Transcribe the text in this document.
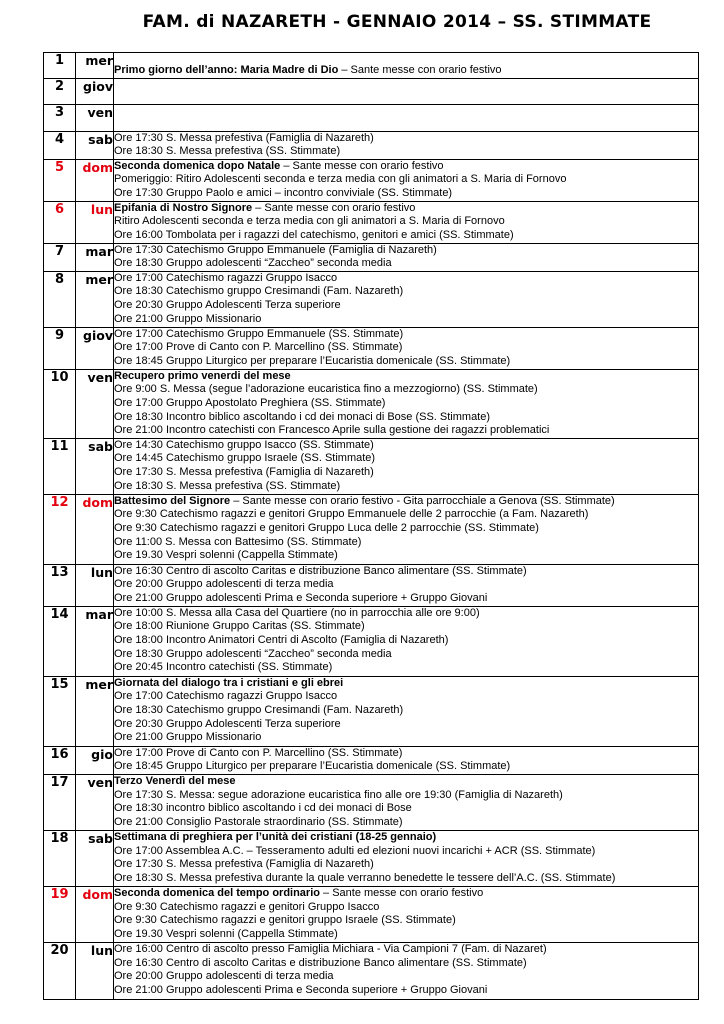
FAM. di NAZARETH - GENNAIO 2014 – SS. STIMMATE
1	mer	Primo giorno dell’anno: Maria Madre di Dio – Sante messe con orario festivo

2	giov	
3	ven	
4	sab	Ore 17:30 S. Messa prefestiva (Famiglia di Nazareth)
Ore 18:30 S. Messa prefestiva (SS. Stimmate)

5	dom	Seconda domenica dopo Natale – Sante messe con orario festivo
Pomeriggio: Ritiro Adolescenti seconda e terza media con gli animatori a S. Maria di Fornovo
Ore 17:30 Gruppo Paolo e amici – incontro conviviale (SS. Stimmate)

6	lun	Epifania di Nostro Signore – Sante messe con orario festivo
Ritiro Adolescenti seconda e terza media con gli animatori a S. Maria di Fornovo
Ore 16:00 Tombolata per i ragazzi del catechismo, genitori e amici (SS. Stimmate)

7	mar	Ore 17:30 Catechismo Gruppo Emmanuele (Famiglia di Nazareth)
Ore 18:30 Gruppo adolescenti “Zaccheo” seconda media

8	mer	Ore 17:00 Catechismo ragazzi Gruppo Isacco
Ore 18:30 Catechismo gruppo Cresimandi (Fam. Nazareth)
Ore 20:30 Gruppo Adolescenti Terza superiore
Ore 21:00 Gruppo Missionario

9	giov	Ore 17:00 Catechismo Gruppo Emmanuele (SS. Stimmate)
Ore 17:00 Prove di Canto con P. Marcellino (SS. Stimmate)
Ore 18:45 Gruppo Liturgico per preparare l’Eucaristia domenicale (SS. Stimmate)

10	ven	Recupero primo venerdi del mese
Ore 9:00 S. Messa (segue l’adorazione eucaristica fino a mezzogiorno) (SS. Stimmate)
Ore 17:00 Gruppo Apostolato Preghiera (SS. Stimmate)
Ore 18:30 Incontro biblico ascoltando i cd dei monaci di Bose (SS. Stimmate)
Ore 21:00 Incontro catechisti con Francesco Aprile sulla gestione dei ragazzi problematici

11	sab	Ore 14:30 Catechismo gruppo Isacco (SS. Stimmate)
Ore 14:45 Catechismo gruppo Israele (SS. Stimmate)
Ore 17:30 S. Messa prefestiva (Famiglia di Nazareth)
Ore 18:30 S. Messa prefestiva (SS. Stimmate)

12	dom	Battesimo del Signore – Sante messe con orario festivo - Gita parrocchiale a Genova (SS. Stimmate)
Ore 9:30 Catechismo ragazzi e genitori Gruppo Emmanuele delle 2 parrocchie (a Fam. Nazareth)
Ore 9:30 Catechismo ragazzi e genitori Gruppo Luca delle 2 parrocchie (SS. Stimmate)
Ore 11:00 S. Messa con Battesimo (SS. Stimmate)
Ore 19.30 Vespri solenni (Cappella Stimmate)

13	lun	Ore 16:30 Centro di ascolto Caritas e distribuzione Banco alimentare (SS. Stimmate)
Ore 20:00 Gruppo adolescenti di terza media
Ore 21:00 Gruppo adolescenti Prima e Seconda superiore + Gruppo Giovani

14	mar	Ore 10:00 S. Messa alla Casa del Quartiere (no in parrocchia alle ore 9:00)
Ore 18:00 Riunione Gruppo Caritas (SS. Stimmate)
Ore 18:00 Incontro Animatori Centri di Ascolto (Famiglia di Nazareth)
Ore 18:30 Gruppo adolescenti “Zaccheo” seconda media
Ore 20:45 Incontro catechisti (SS. Stimmate)

15	mer	Giornata del dialogo tra i cristiani e gli ebrei
Ore 17:00 Catechismo ragazzi Gruppo Isacco
Ore 18:30 Catechismo gruppo Cresimandi (Fam. Nazareth)
Ore 20:30 Gruppo Adolescenti Terza superiore
Ore 21:00 Gruppo Missionario

16	gio	Ore 17:00 Prove di Canto con P. Marcellino (SS. Stimmate)
Ore 18:45 Gruppo Liturgico per preparare l’Eucaristia domenicale (SS. Stimmate)

17	ven	Terzo Venerdì del mese
Ore 17:30 S. Messa: segue adorazione eucaristica fino alle ore 19:30 (Famiglia di Nazareth)
Ore 18:30 incontro biblico ascoltando i cd dei monaci di Bose
Ore 21:00 Consiglio Pastorale straordinario (SS. Stimmate)

18	sab	Settimana di preghiera per l’unità dei cristiani (18-25 gennaio)
Ore 17:00 Assemblea A.C. – Tesseramento adulti ed elezioni nuovi incarichi + ACR (SS. Stimmate)
Ore 17:30 S. Messa prefestiva (Famiglia di Nazareth)
Ore 18:30 S. Messa prefestiva durante la quale verranno benedette le tessere dell’A.C. (SS. Stimmate)

19	dom	Seconda domenica del tempo ordinario – Sante messe con orario festivo
Ore 9:30 Catechismo ragazzi e genitori Gruppo Isacco
Ore 9:30 Catechismo ragazzi e genitori gruppo Israele (SS. Stimmate)
Ore 19.30 Vespri solenni (Cappella Stimmate)

20	lun	Ore 16:00 Centro di ascolto presso Famiglia Michiara - Via Campioni 7 (Fam. di Nazaret)
Ore 16:30 Centro di ascolto Caritas e distribuzione Banco alimentare (SS. Stimmate)
Ore 20:00 Gruppo adolescenti di terza media
Ore 21:00 Gruppo adolescenti Prima e Seconda superiore + Gruppo Giovani
